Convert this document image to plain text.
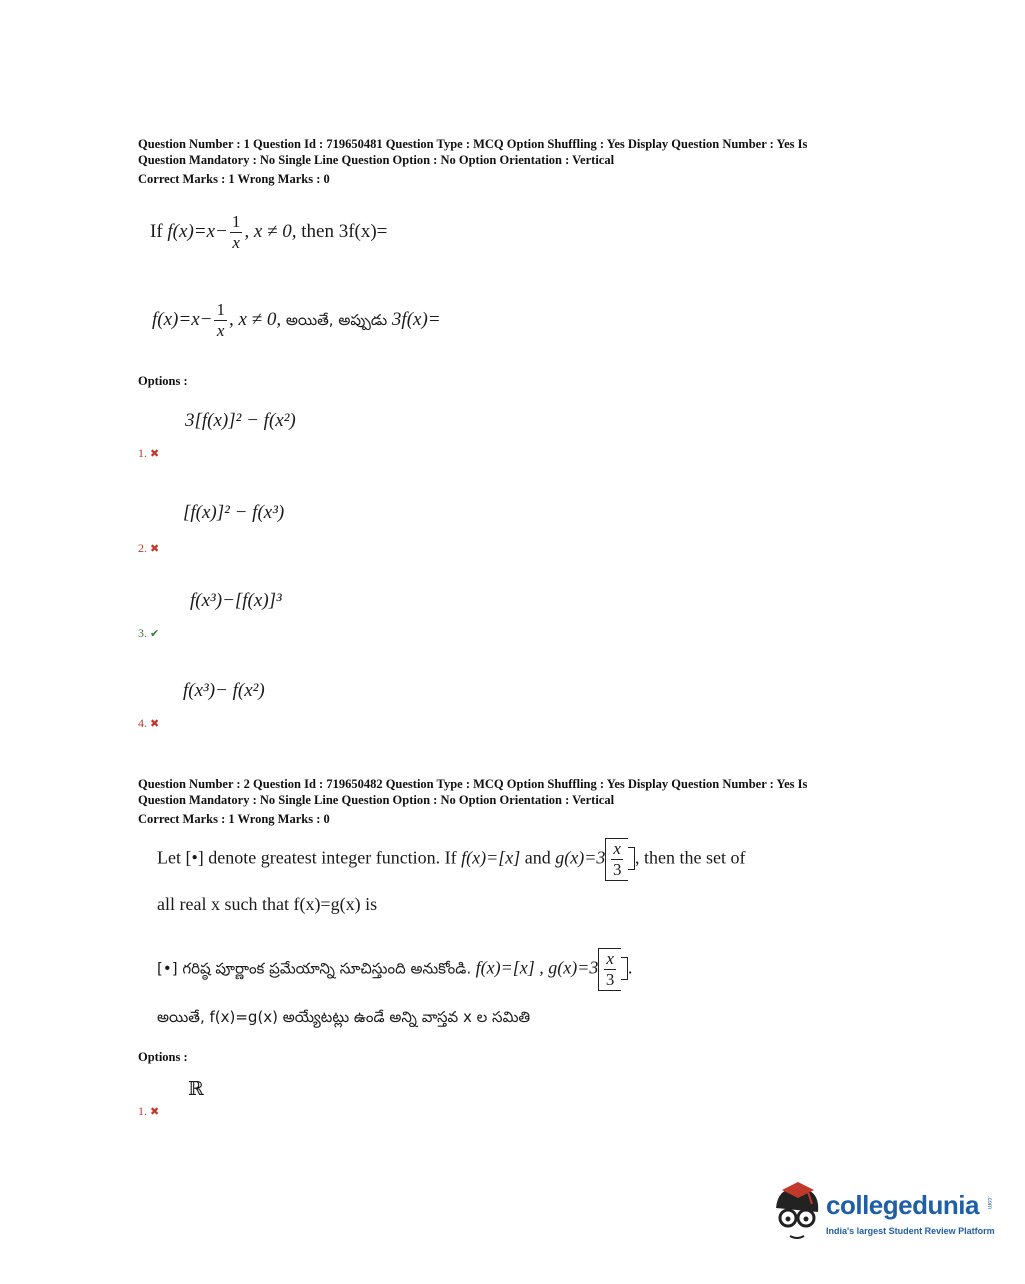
Question Number : 1 Question Id : 719650481 Question Type : MCQ Option Shuffling : Yes Display Question Number : Yes Is
Question Mandatory : No Single Line Question Option : No Option Orientation : Vertical
Correct Marks : 1 Wrong Marks : 0
If $f(x)=x- \frac{1}{x}$ , x ≠ 0, then 3f(x)=
$f(x)=x- \frac{1}{x}$ , x ≠ 0, అయితే, అప్పుడు 3f(x)=
Options :
3[f(x)]² − f(x²)
1. ✖
[f(x)]² − f(x³)
2. ✖
f(x³)−[f(x)]³
3. ✔
f(x³)− f(x²)
4. ✖
Question Number : 2 Question Id : 719650482 Question Type : MCQ Option Shuffling : Yes Display Question Number : Yes Is
Question Mandatory : No Single Line Question Option : No Option Orientation : Vertical
Correct Marks : 1 Wrong Marks : 0
Let [•] denote greatest integer function. If f(x)=[x] and $g(x)=3 \frac{x}{3}$ , then the set of
all real x such that f(x)=g(x) is
[•] గరిష్ఠ పూర్ణాంక ప్రమేయాన్ని సూచిస్తుంది అనుకోండి. f(x)=[x] , $g(x)=3 \frac{x}{3}$ .
అయితే, f(x)=g(x) అయ్యేటట్లు ఉండే అన్ని వాస్తవ x ల సమితి
Options :
ℝ
1. ✖
collegedunia .com
India's largest Student Review Platform
